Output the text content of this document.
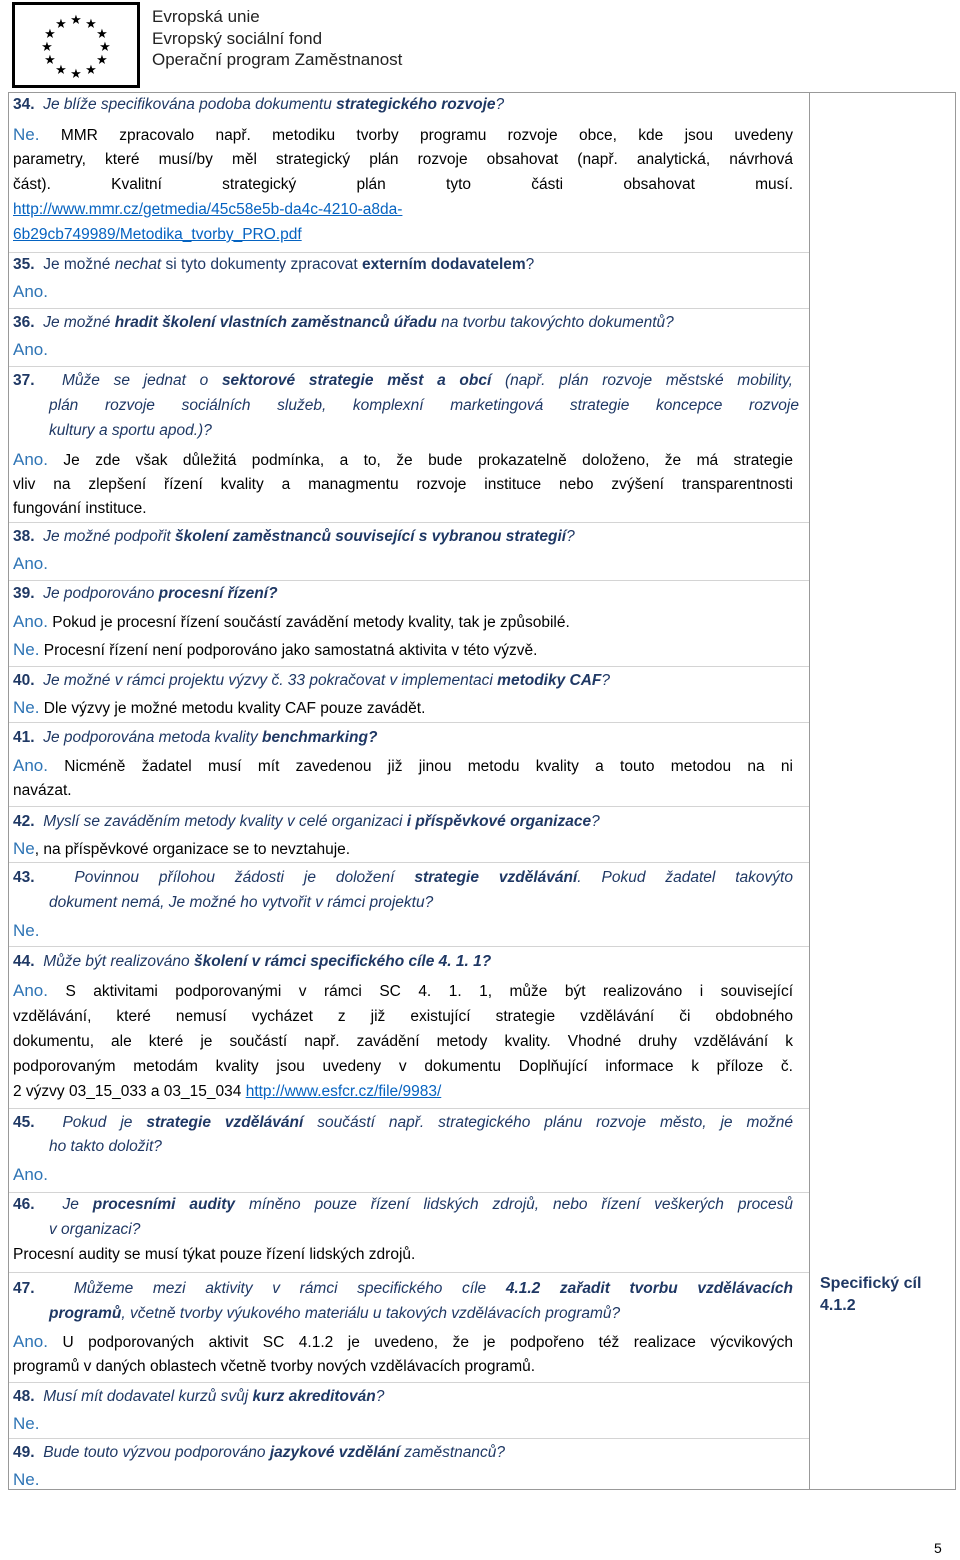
★ ★
★
★
★
★
★
★
★
★
★
★	Evropská unie
Evropský sociální fond
Operační program Zaměstnanost
34. Je blíže specifikována podoba dokumentu strategického rozvoje?
Ne. MMR zpracovalo např. metodiku tvorby programu rozvoje obce, kde jsou uvedeny
parametry, které musí/by měl strategický plán rozvoje obsahovat (např. analytická, návrhová
část). Kvalitní strategický plán tyto části obsahovat musí.
http://www.mmr.cz/getmedia/45c58e5b-da4c-4210-a8da-
6b29cb749989/Metodika_tvorby_PRO.pdf
35. Je možné nechat si tyto dokumenty zpracovat externím dodavatelem?
Ano.
36. Je možné hradit školení vlastních zaměstnanců úřadu na tvorbu takovýchto dokumentů?
Ano.
37. Může se jednat o sektorové strategie měst a obcí (např. plán rozvoje městské mobility,
plán rozvoje sociálních služeb, komplexní marketingová strategie koncepce rozvoje
kultury a sportu apod.)?
Ano. Je zde však důležitá podmínka, a to, že bude prokazatelně doloženo, že má strategie
vliv na zlepšení řízení kvality a managmentu rozvoje instituce nebo zvýšení transparentnosti
fungování instituce.
38. Je možné podpořit školení zaměstnanců související s vybranou strategií?
Ano.
39. Je podporováno procesní řízení?
Ano. Pokud je procesní řízení součástí zavádění metody kvality, tak je způsobilé.
Ne. Procesní řízení není podporováno jako samostatná aktivita v této výzvě.
40. Je možné v rámci projektu výzvy č. 33 pokračovat v implementaci metodiky CAF?
Ne. Dle výzvy je možné metodu kvality CAF pouze zavádět.
41. Je podporována metoda kvality benchmarking?
Ano. Nicméně žadatel musí mít zavedenou již jinou metodu kvality a touto metodou na ni
navázat.
42. Myslí se zaváděním metody kvality v celé organizaci i příspěvkové organizace?
Ne, na příspěvkové organizace se to nevztahuje.
43.	Povinnou přílohou žádosti je doložení strategie vzdělávání. Pokud žadatel takovýto
dokument nemá, Je možné ho vytvořit v rámci projektu?
Ne.
44. Může být realizováno školení v rámci specifického cíle 4. 1. 1?
Ano. S aktivitami podporovanými v rámci SC 4. 1. 1, může být realizováno i související
vzdělávání, které nemusí vycházet z již existující strategie vzdělávání či obdobného
dokumentu, ale které je součástí např. zavádění metody kvality. Vhodné druhy vzdělávání k
podporovaným metodám kvality jsou uvedeny v dokumentu Doplňující informace k příloze č.
2 výzvy 03_15_033 a 03_15_034 http://www.esfcr.cz/file/9983/
45. Pokud je strategie vzdělávání součástí např. strategického plánu rozvoje město, je možné
ho takto doložit?
Ano.
46. Je procesními audity míněno pouze řízení lidských zdrojů, nebo řízení veškerých procesů
v organizaci?
Procesní audity se musí týkat pouze řízení lidských zdrojů.
47.	Můžeme mezi aktivity v rámci specifického cíle 4.1.2 zařadit tvorbu vzdělávacích
programů, včetně tvorby výukového materiálu u takových vzdělávacích programů?
Ano. U podporovaných aktivit SC 4.1.2 je uvedeno, že je podpořeno též realizace výcvikových
programů v daných oblastech včetně tvorby nových vzdělávacích programů.
48. Musí mít dodavatel kurzů svůj kurz akreditován?
Ne.
49. Bude touto výzvou podporováno jazykové vzdělání zaměstnanců?
Ne.
Specifický cíl
4.1.2
5
